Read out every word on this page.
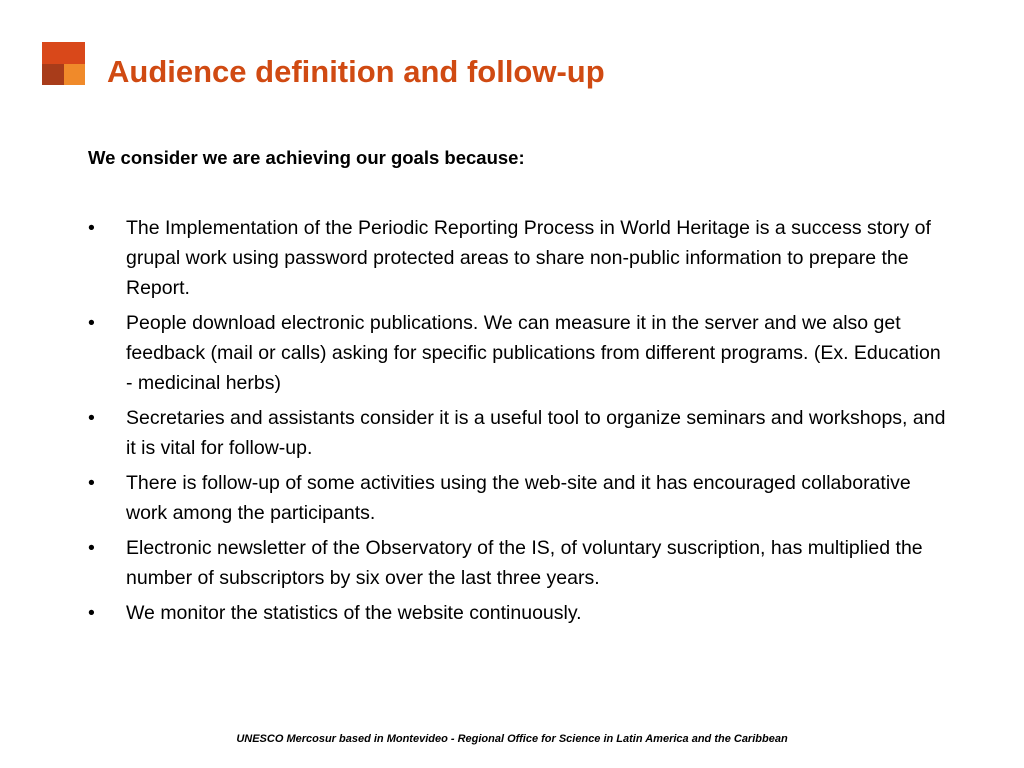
Audience definition and follow-up

We consider we are achieving our goals because:

•	The Implementation of the Periodic Reporting Process in World Heritage is a success story of grupal work using password protected areas to share non-public information to prepare the Report.
•	People download electronic publications. We can measure it in the server and we also get feedback (mail or calls) asking for specific publications from different programs. (Ex. Education - medicinal herbs)
•	Secretaries and assistants consider it is a useful tool to organize seminars and workshops, and it is vital for follow-up.
•	There is follow-up of some activities using the web-site and it has encouraged collaborative work among the participants.
•	Electronic newsletter of the Observatory of the IS, of voluntary suscription, has multiplied the number of subscriptors by six over the last three years.
•	We monitor the statistics of the website continuously.

UNESCO Mercosur based in Montevideo - Regional Office for Science in Latin America and the Caribbean
